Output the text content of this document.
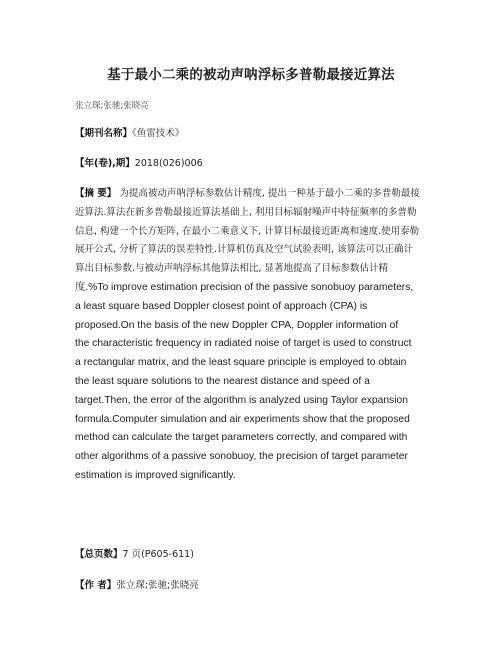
基于最小二乘的被动声呐浮标多普勒最接近算法
张立琛;张驰;张晓亮
【期刊名称】《鱼雷技术》
【年(卷),期】2018(026)006
【摘 要】 为提高被动声呐浮标参数估计精度, 提出一种基于最小二乘的多普勒最接
近算法.算法在新多普勒最接近算法基础上, 利用目标辐射噪声中特征频率的多普勒
信息, 构建一个长方矩阵, 在最小二乘意义下, 计算目标最接近距离和速度.使用泰勒
展开公式, 分析了算法的误差特性.计算机仿真及空气试验表明, 该算法可以正确计
算出目标参数.与被动声呐浮标其他算法相比, 显著地提高了目标参数估计精
度.%To improve estimation precision of the passive sonobuoy parameters,
a least square based Doppler closest point of approach (CPA) is
proposed.On the basis of the new Doppler CPA, Doppler information of
the characteristic frequency in radiated noise of target is used to construct
a rectangular matrix, and the least square principle is employed to obtain
the least square solutions to the nearest distance and speed of a
target.Then, the error of the algorithm is analyzed using Taylor expansion
formula.Computer simulation and air experiments show that the proposed
method can calculate the target parameters correctly, and compared with
other algorithms of a passive sonobuoy, the precision of target parameter
estimation is improved significantly.
【总页数】7 页(P605-611)
【作 者】张立琛;张驰;张晓亮
